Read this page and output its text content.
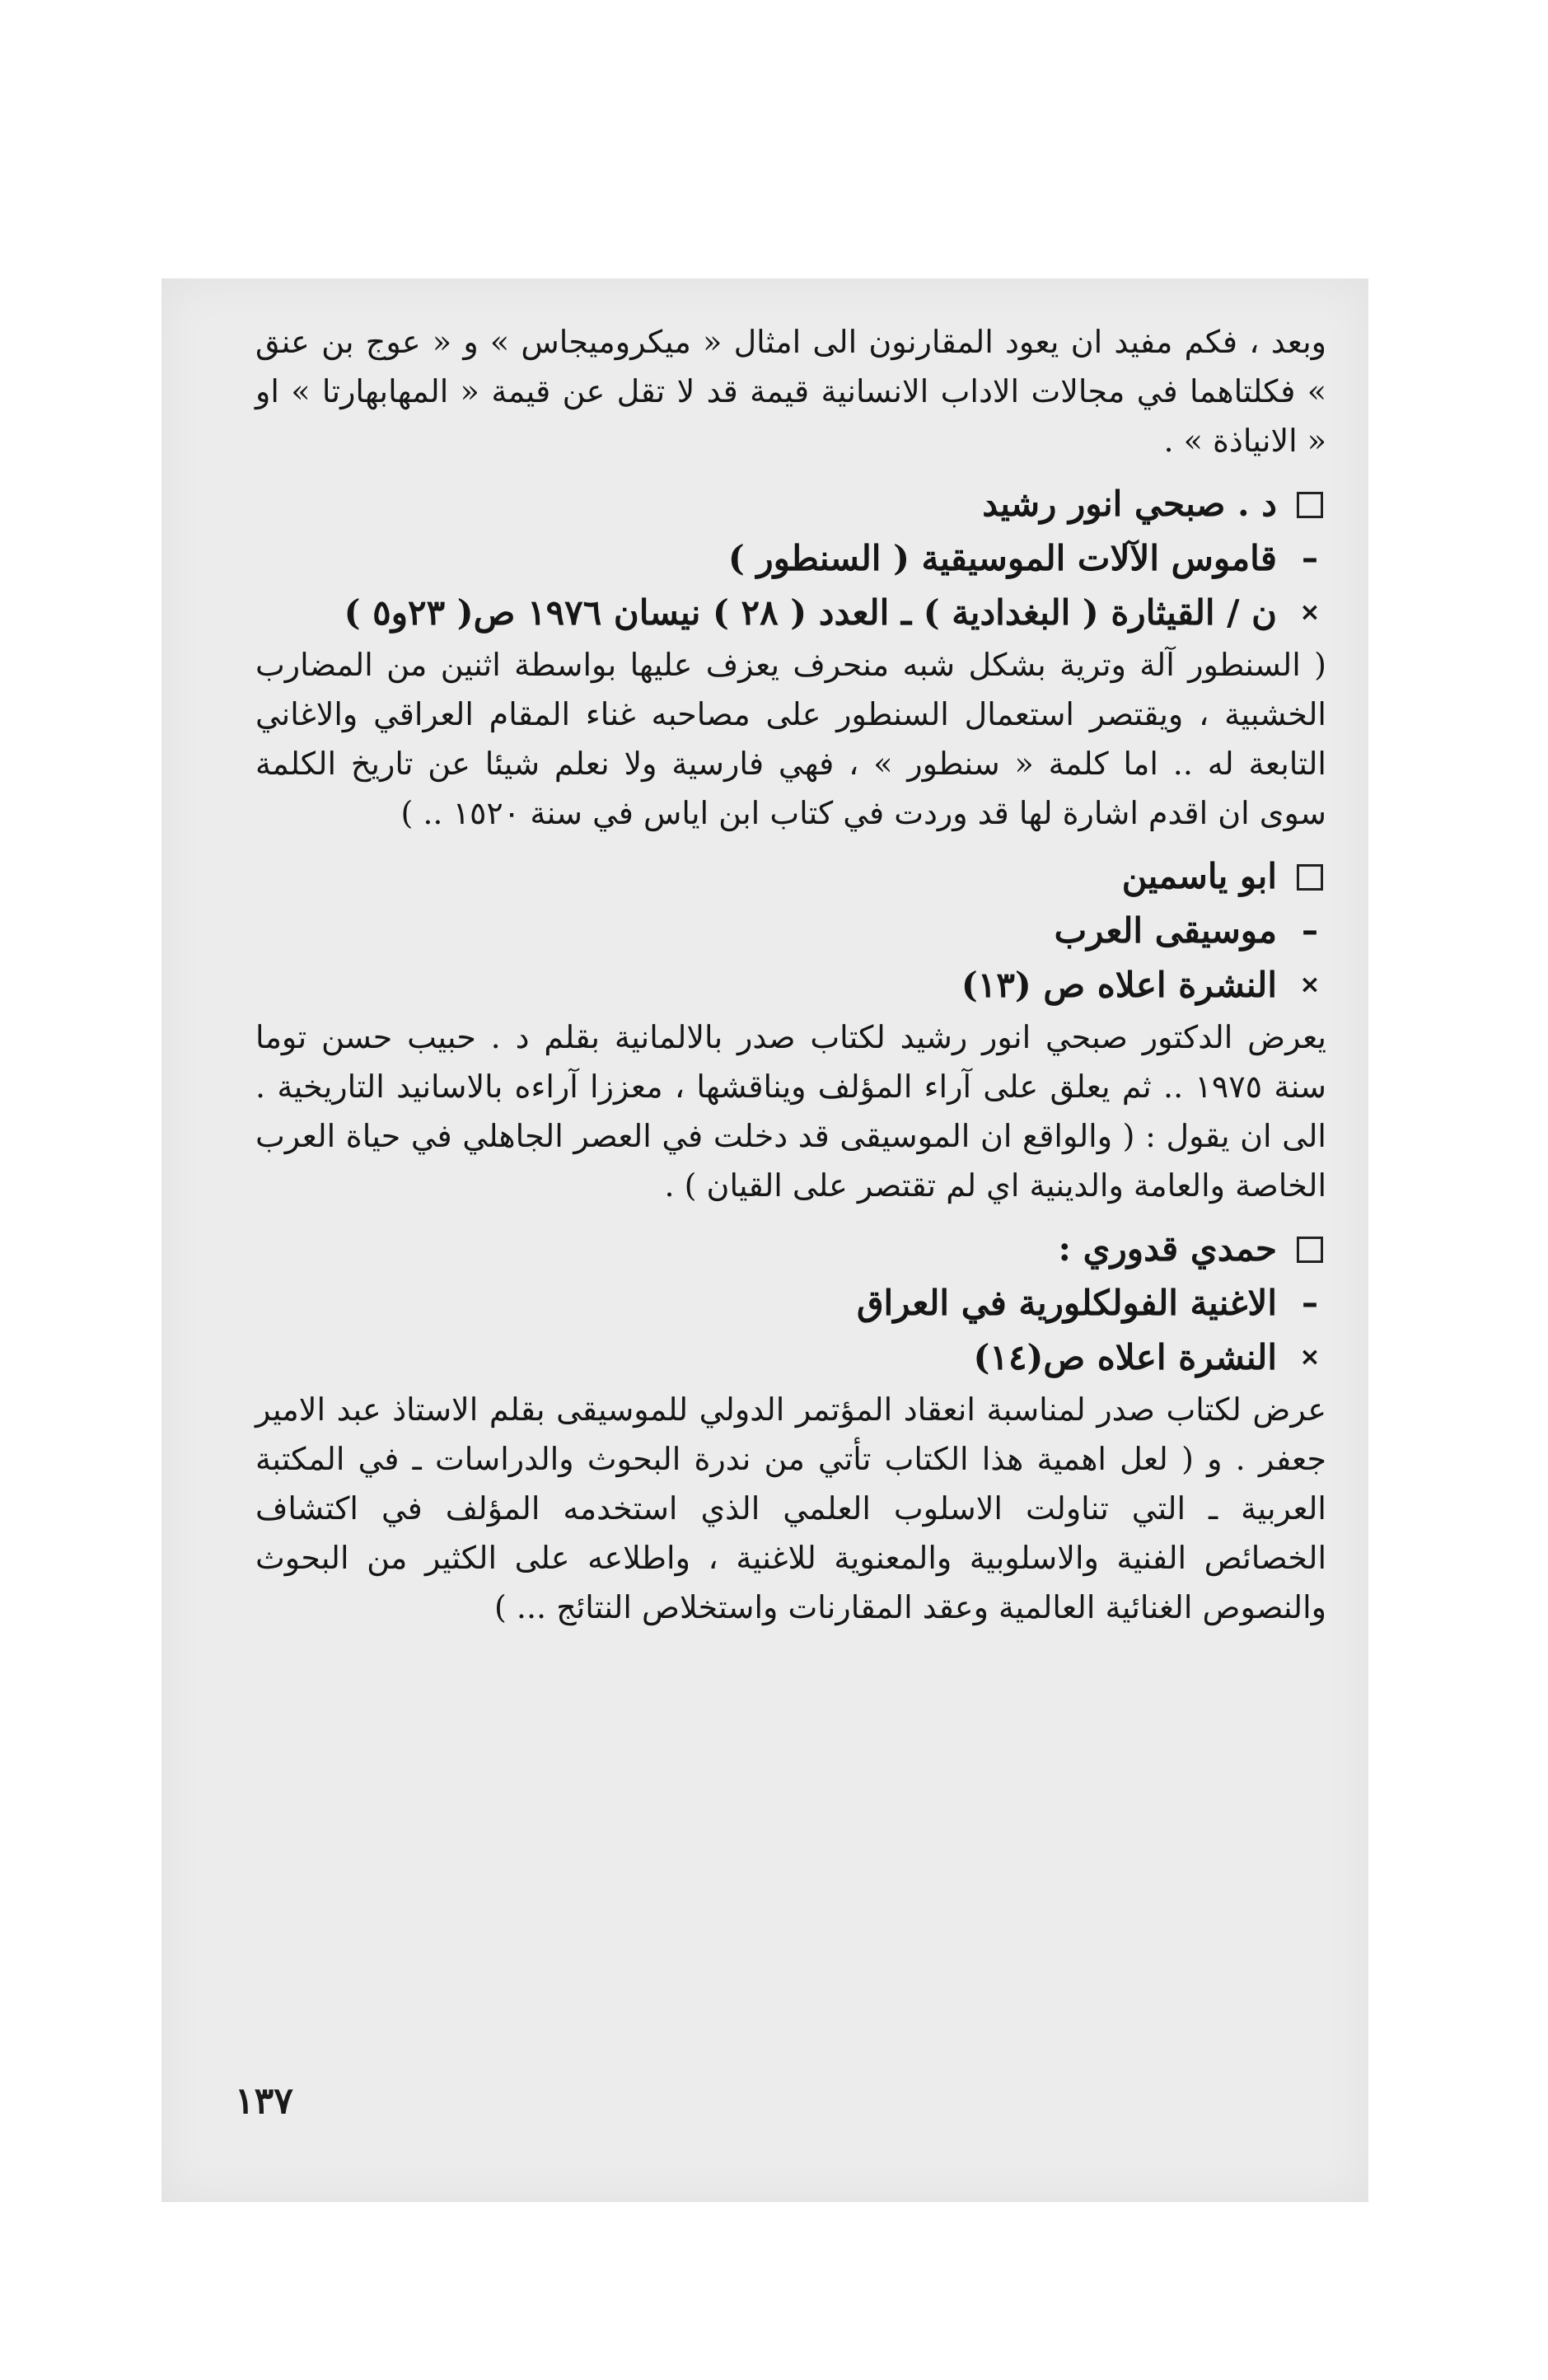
وبعد ، فكم مفيد ان يعود المقارنون الى امثال « ميكروميجاس » و « عوج بن عنق » فكلتاهما في مجالات الاداب الانسانية قيمة قد لا تقل عن قيمة « المهابهارتا » او « الانياذة » .

د . صبحي انور رشيد
–
قاموس الآلات الموسيقية ( السنطور )
×
ن / القيثارة ( البغدادية ) ـ العدد ( ٢٨ ) نيسان ١٩٧٦ ص( ٢٣و٥ )

( السنطور آلة وترية بشكل شبه منحرف يعزف عليها بواسطة اثنين من المضارب الخشبية ، ويقتصر استعمال السنطور على مصاحبه غناء المقام العراقي والاغاني التابعة له .. اما كلمة « سنطور » ، فهي فارسية ولا نعلم شيئا عن تاريخ الكلمة سوى ان اقدم اشارة لها قد وردت في كتاب ابن اياس في سنة ١٥٢٠ .. )

ابو ياسمين
–
موسيقى العرب
×
النشرة اعلاه ص (١٣)

يعرض الدكتور صبحي انور رشيد لكتاب صدر بالالمانية بقلم د . حبيب حسن توما سنة ١٩٧٥ .. ثم يعلق على آراء المؤلف ويناقشها ، معززا آراءه بالاسانيد التاريخية . الى ان يقول : ( والواقع ان الموسيقى قد دخلت في العصر الجاهلي في حياة العرب الخاصة والعامة والدينية اي لم تقتصر على القيان ) .

حمدي قدوري :
–
الاغنية الفولكلورية في العراق
×
النشرة اعلاه ص(١٤)

عرض لكتاب صدر لمناسبة انعقاد المؤتمر الدولي للموسيقى بقلم الاستاذ عبد الامير جعفر . و ( لعل اهمية هذا الكتاب تأتي من ندرة البحوث والدراسات ـ في المكتبة العربية ـ التي تناولت الاسلوب العلمي الذي استخدمه المؤلف في اكتشاف الخصائص الفنية والاسلوبية والمعنوية للاغنية ، واطلاعه على الكثير من البحوث والنصوص الغنائية العالمية وعقد المقارنات واستخلاص النتائج ... )

١٣٧
